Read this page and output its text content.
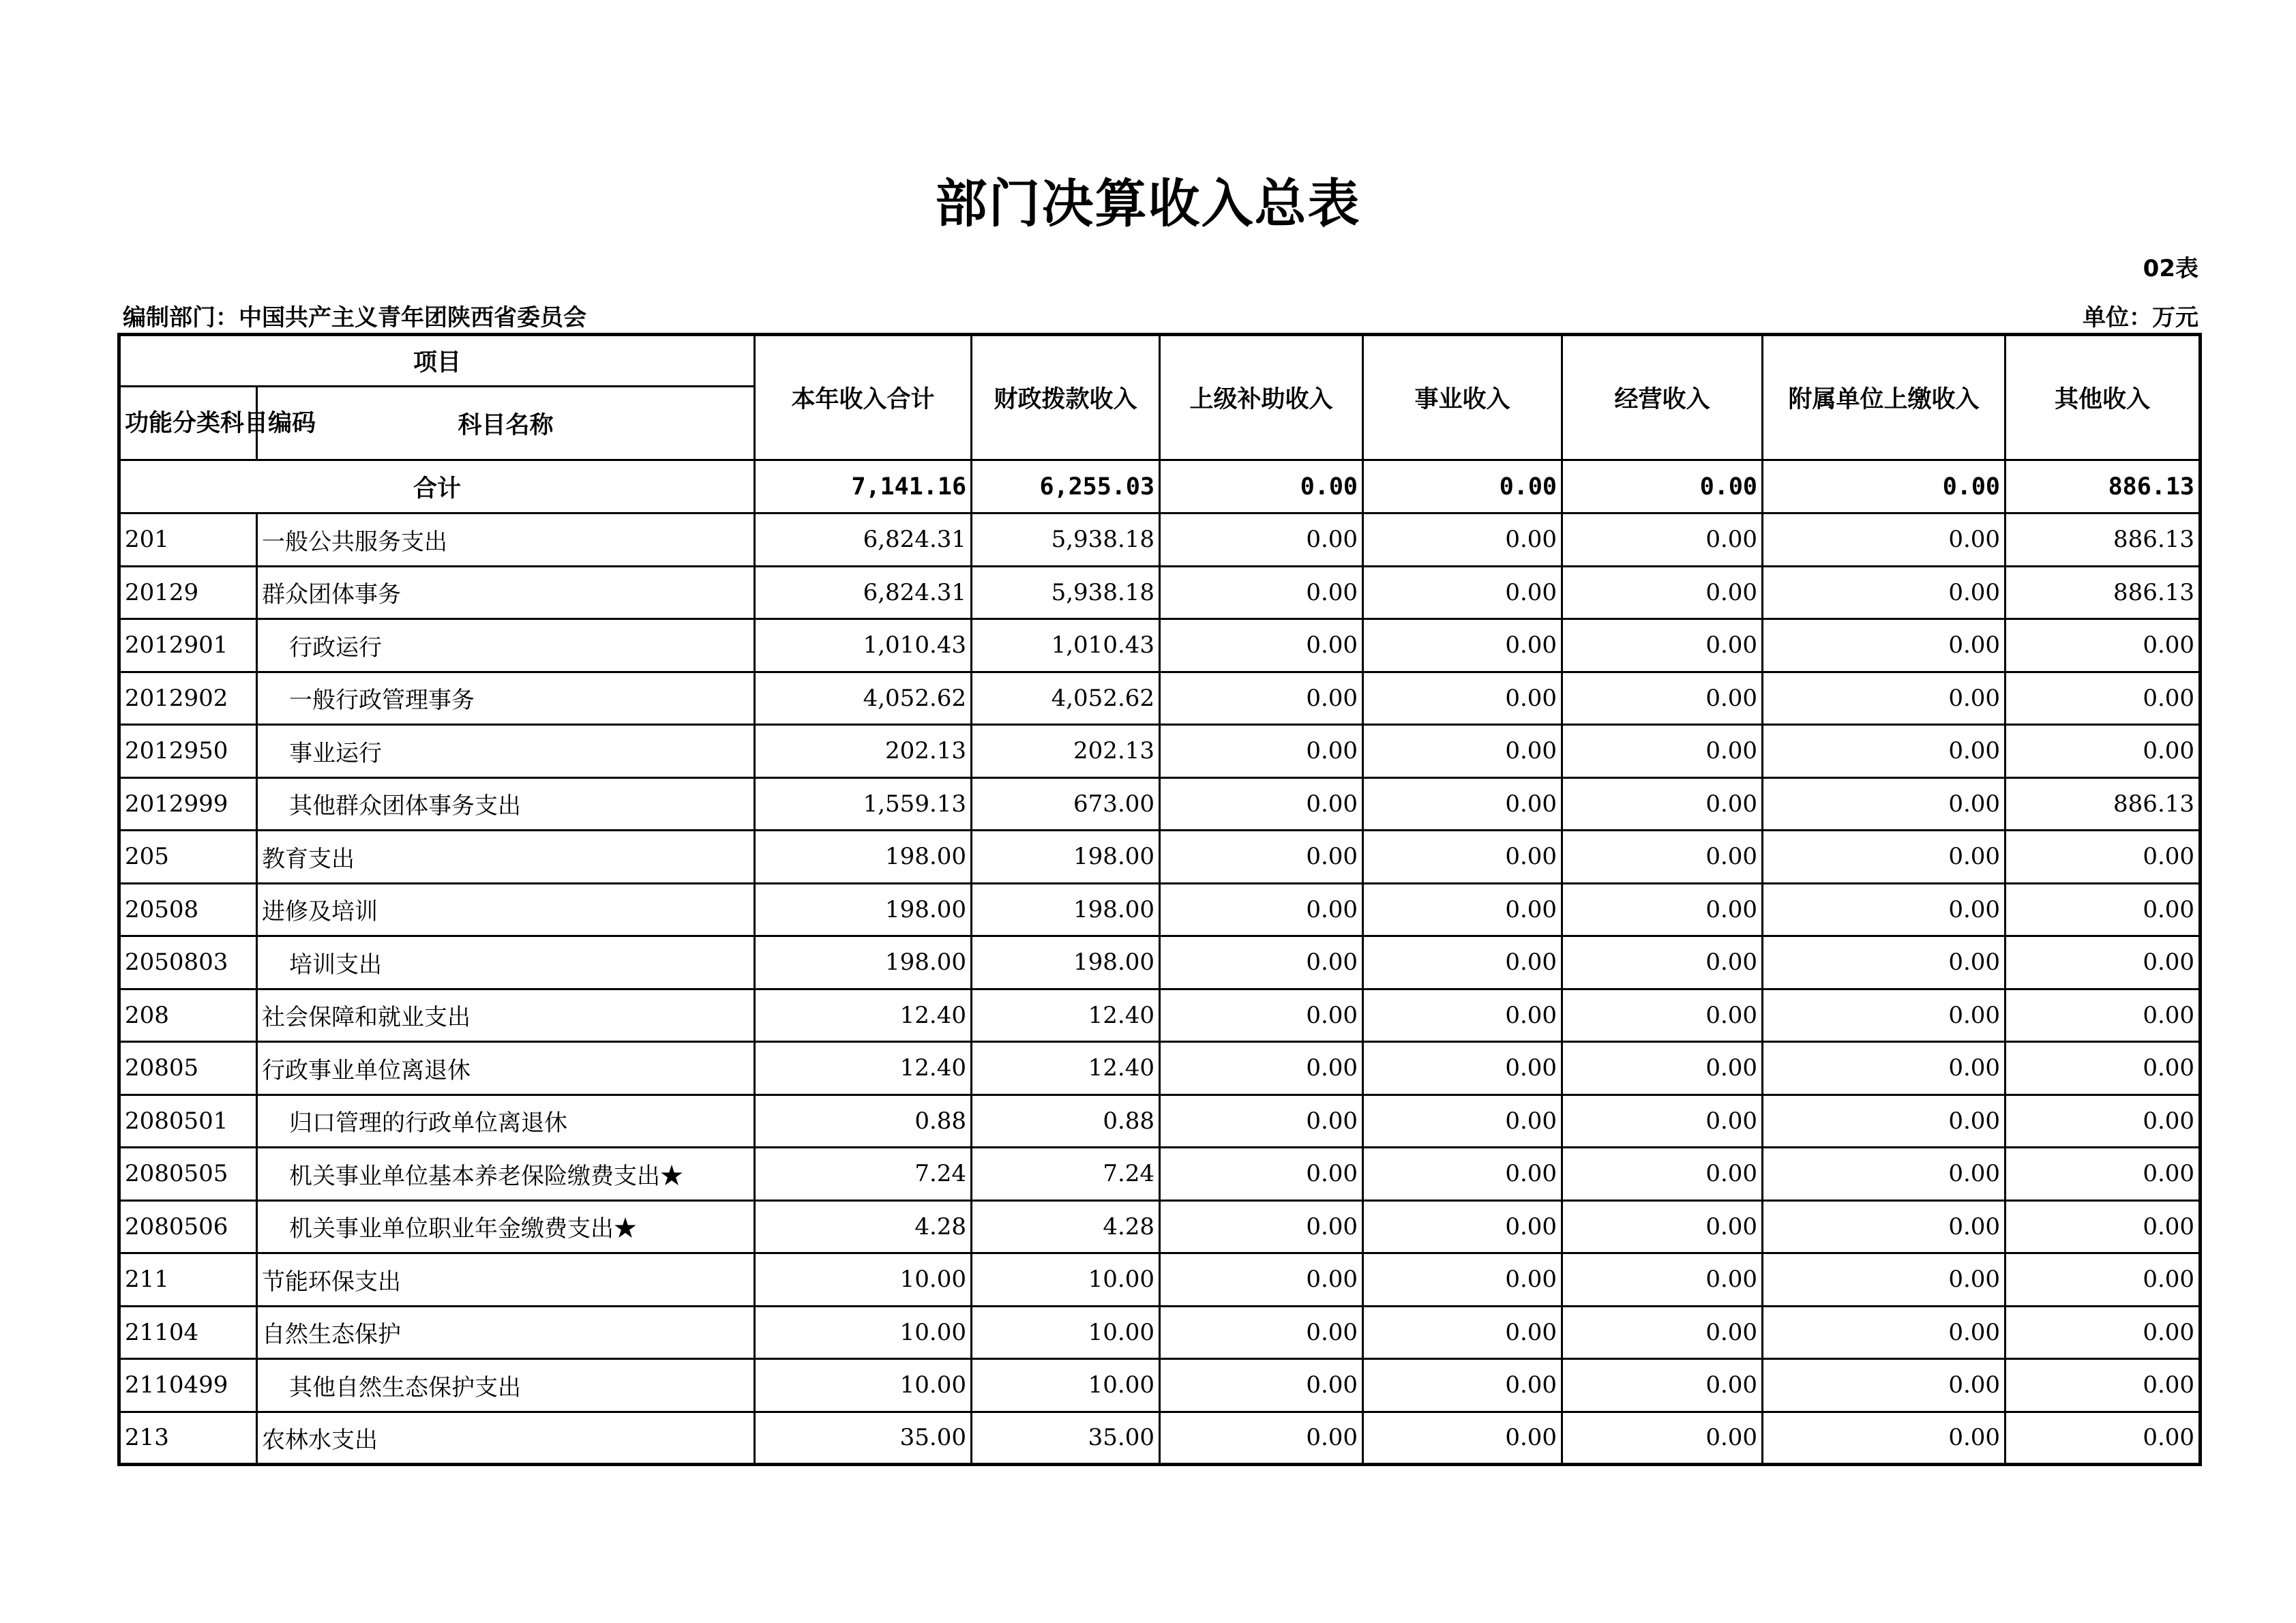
部门决算收入总表
02表
编制部门：中国共产主义青年团陕西省委员会	单位：万元
项目		本年收入合计	财政拨款收入	上级补助收入	事业收入	经营收入	附属单位上缴收入	其他收入
功能分类科目编码	科目名称							
合计		7,141.16	6,255.03	0.00	0.00	0.00	0.00	886.13
201	一般公共服务支出	6,824.31	5,938.18	0.00	0.00	0.00	0.00	886.13
20129	群众团体事务	6,824.31	5,938.18	0.00	0.00	0.00	0.00	886.13
2012901	行政运行	1,010.43	1,010.43	0.00	0.00	0.00	0.00	0.00
2012902	一般行政管理事务	4,052.62	4,052.62	0.00	0.00	0.00	0.00	0.00
2012950	事业运行	202.13	202.13	0.00	0.00	0.00	0.00	0.00
2012999	其他群众团体事务支出	1,559.13	673.00	0.00	0.00	0.00	0.00	886.13
205	教育支出	198.00	198.00	0.00	0.00	0.00	0.00	0.00
20508	进修及培训	198.00	198.00	0.00	0.00	0.00	0.00	0.00
2050803	培训支出	198.00	198.00	0.00	0.00	0.00	0.00	0.00
208	社会保障和就业支出	12.40	12.40	0.00	0.00	0.00	0.00	0.00
20805	行政事业单位离退休	12.40	12.40	0.00	0.00	0.00	0.00	0.00
2080501	归口管理的行政单位离退休	0.88	0.88	0.00	0.00	0.00	0.00	0.00
2080505	机关事业单位基本养老保险缴费支出★	7.24	7.24	0.00	0.00	0.00	0.00	0.00
2080506	机关事业单位职业年金缴费支出★	4.28	4.28	0.00	0.00	0.00	0.00	0.00
211	节能环保支出	10.00	10.00	0.00	0.00	0.00	0.00	0.00
21104	自然生态保护	10.00	10.00	0.00	0.00	0.00	0.00	0.00
2110499	其他自然生态保护支出	10.00	10.00	0.00	0.00	0.00	0.00	0.00
213	农林水支出	35.00	35.00	0.00	0.00	0.00	0.00	0.00
